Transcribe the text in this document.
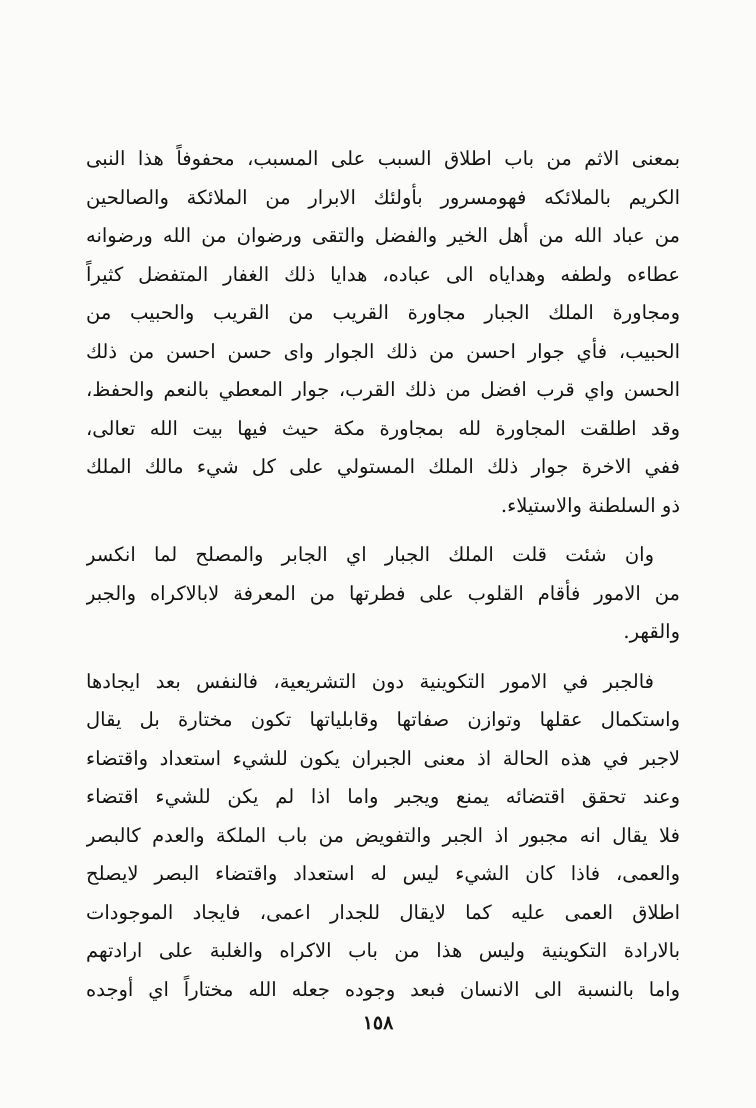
بمعنى الاثم من باب اطلاق السبب على المسبب، محفوفاً هذا النبى
الكريم بالملائكه فهومسرور بأولئك الابرار من الملائكة والصالحين
من عباد الله من أهل الخير والفضل والتقى ورضوان من الله ورضوانه
عطاءه ولطفه وهداياه الى عباده، هدايا ذلك الغفار المتفضل كثيراً
ومجاورة الملك الجبار مجاورة القريب من القريب والحبيب من
الحبيب، فأي جوار احسن من ذلك الجوار واى حسن احسن من ذلك
الحسن واي قرب افضل من ذلك القرب، جوار المعطي بالنعم والحفظ،
وقد اطلقت المجاورة لله بمجاورة مكة حيث فيها بيت الله تعالى،
ففي الاخرة جوار ذلك الملك المستولي على كل شيء مالك الملك
ذو السلطنة والاستيلاء.
وان شئت قلت الملك الجبار اي الجابر والمصلح لما انكسر
من الامور فأقام القلوب على فطرتها من المعرفة لابالاكراه والجبر
والقهر.
فالجبر في الامور التكوينية دون التشريعية، فالنفس بعد ايجادها
واستكمال عقلها وتوازن صفاتها وقابلياتها تكون مختارة بل يقال
لاجبر في هذه الحالة اذ معنى الجبران يكون للشيء استعداد واقتضاء
وعند تحقق اقتضائه يمنع ويجبر واما اذا لم يكن للشيء اقتضاء
فلا يقال انه مجبور اذ الجبر والتفويض من باب الملكة والعدم كالبصر
والعمى، فاذا كان الشيء ليس له استعداد واقتضاء البصر لايصلح
اطلاق العمى عليه كما لايقال للجدار اعمى، فايجاد الموجودات
بالارادة التكوينية وليس هذا من باب الاكراه والغلبة على ارادتهم
واما بالنسبة الى الانسان فبعد وجوده جعله الله مختاراً اي أوجده
١٥٨
